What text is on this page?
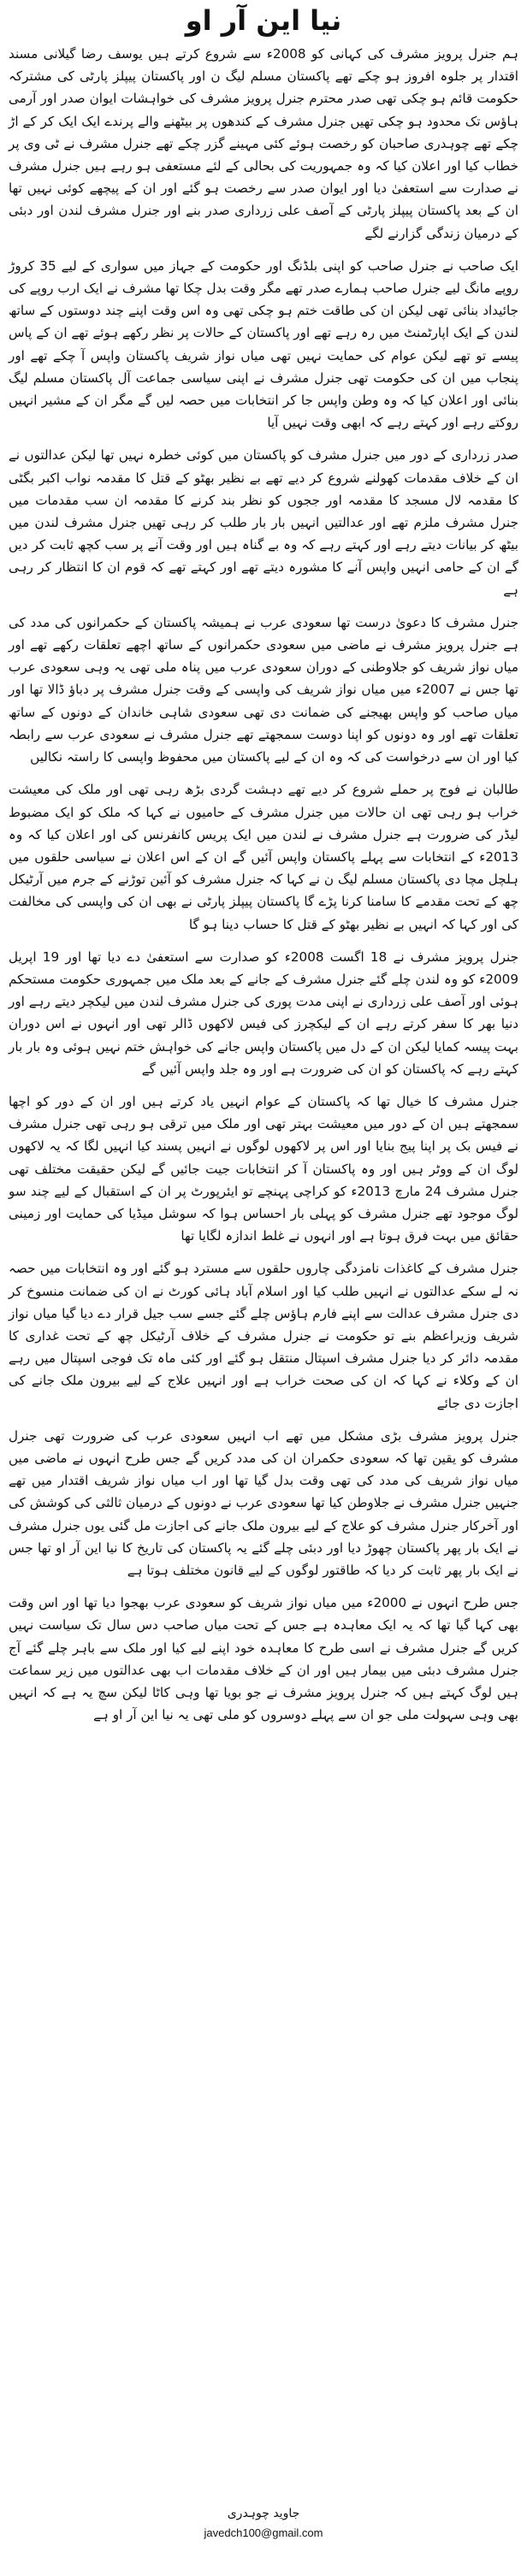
نیا این آر او

ہم جنرل پرویز مشرف کی کہانی کو 2008ء سے شروع کرتے ہیں یوسف رضا گیلانی مسند اقتدار پر جلوہ افروز ہو چکے تھے پاکستان مسلم لیگ ن اور پاکستان پیپلز پارٹی کی مشترکہ حکومت قائم ہو چکی تھی صدر محترم جنرل پرویز مشرف کی خواہشات ایوان صدر اور آرمی ہاؤس تک محدود ہو چکی تھیں جنرل مشرف کے کندھوں پر بیٹھنے والے پرندے ایک ایک کر کے اڑ چکے تھے چوہدری صاحبان کو رخصت ہوئے کئی مہینے گزر چکے تھے جنرل مشرف نے ٹی وی پر خطاب کیا اور اعلان کیا کہ وہ جمہوریت کی بحالی کے لئے مستعفی ہو رہے ہیں جنرل مشرف نے صدارت سے استعفیٰ دیا اور ایوان صدر سے رخصت ہو گئے اور ان کے پیچھے کوئی نہیں تھا ان کے بعد پاکستان پیپلز پارٹی کے آصف علی زرداری صدر بنے اور جنرل مشرف لندن اور دبئی کے درمیان زندگی گزارنے لگے

ایک صاحب نے جنرل صاحب کو اپنی بلڈنگ اور حکومت کے جہاز میں سواری کے لیے 35 کروڑ روپے مانگ لیے جنرل صاحب ہمارے صدر تھے مگر وقت بدل چکا تھا مشرف نے ایک ارب روپے کی جائیداد بنائی تھی لیکن ان کی طاقت ختم ہو چکی تھی وہ اس وقت اپنے چند دوستوں کے ساتھ لندن کے ایک اپارٹمنٹ میں رہ رہے تھے اور پاکستان کے حالات پر نظر رکھے ہوئے تھے ان کے پاس پیسے تو تھے لیکن عوام کی حمایت نہیں تھی میاں نواز شریف پاکستان واپس آ چکے تھے اور پنجاب میں ان کی حکومت تھی جنرل مشرف نے اپنی سیاسی جماعت آل پاکستان مسلم لیگ بنائی اور اعلان کیا کہ وہ وطن واپس جا کر انتخابات میں حصہ لیں گے مگر ان کے مشیر انہیں روکتے رہے اور کہتے رہے کہ ابھی وقت نہیں آیا

صدر زرداری کے دور میں جنرل مشرف کو پاکستان میں کوئی خطرہ نہیں تھا لیکن عدالتوں نے ان کے خلاف مقدمات کھولنے شروع کر دیے تھے بے نظیر بھٹو کے قتل کا مقدمہ نواب اکبر بگٹی کا مقدمہ لال مسجد کا مقدمہ اور ججوں کو نظر بند کرنے کا مقدمہ ان سب مقدمات میں جنرل مشرف ملزم تھے اور عدالتیں انہیں بار بار طلب کر رہی تھیں جنرل مشرف لندن میں بیٹھ کر بیانات دیتے رہے اور کہتے رہے کہ وہ بے گناہ ہیں اور وقت آنے پر سب کچھ ثابت کر دیں گے ان کے حامی انہیں واپس آنے کا مشورہ دیتے تھے اور کہتے تھے کہ قوم ان کا انتظار کر رہی ہے

جنرل مشرف کا دعویٰ درست تھا سعودی عرب نے ہمیشہ پاکستان کے حکمرانوں کی مدد کی ہے جنرل پرویز مشرف نے ماضی میں سعودی حکمرانوں کے ساتھ اچھے تعلقات رکھے تھے اور میاں نواز شریف کو جلاوطنی کے دوران سعودی عرب میں پناہ ملی تھی یہ وہی سعودی عرب تھا جس نے 2007ء میں میاں نواز شریف کی واپسی کے وقت جنرل مشرف پر دباؤ ڈالا تھا اور میاں صاحب کو واپس بھیجنے کی ضمانت دی تھی سعودی شاہی خاندان کے دونوں کے ساتھ تعلقات تھے اور وہ دونوں کو اپنا دوست سمجھتے تھے جنرل مشرف نے سعودی عرب سے رابطہ کیا اور ان سے درخواست کی کہ وہ ان کے لیے پاکستان میں محفوظ واپسی کا راستہ نکالیں

طالبان نے فوج پر حملے شروع کر دیے تھے دہشت گردی بڑھ رہی تھی اور ملک کی معیشت خراب ہو رہی تھی ان حالات میں جنرل مشرف کے حامیوں نے کہا کہ ملک کو ایک مضبوط لیڈر کی ضرورت ہے جنرل مشرف نے لندن میں ایک پریس کانفرنس کی اور اعلان کیا کہ وہ 2013ء کے انتخابات سے پہلے پاکستان واپس آئیں گے ان کے اس اعلان نے سیاسی حلقوں میں ہلچل مچا دی پاکستان مسلم لیگ ن نے کہا کہ جنرل مشرف کو آئین توڑنے کے جرم میں آرٹیکل چھ کے تحت مقدمے کا سامنا کرنا پڑے گا پاکستان پیپلز پارٹی نے بھی ان کی واپسی کی مخالفت کی اور کہا کہ انہیں بے نظیر بھٹو کے قتل کا حساب دینا ہو گا

جنرل پرویز مشرف نے 18 اگست 2008ء کو صدارت سے استعفیٰ دے دیا تھا اور 19 اپریل 2009ء کو وہ لندن چلے گئے جنرل مشرف کے جانے کے بعد ملک میں جمہوری حکومت مستحکم ہوئی اور آصف علی زرداری نے اپنی مدت پوری کی جنرل مشرف لندن میں لیکچر دیتے رہے اور دنیا بھر کا سفر کرتے رہے ان کے لیکچرز کی فیس لاکھوں ڈالر تھی اور انہوں نے اس دوران بہت پیسہ کمایا لیکن ان کے دل میں پاکستان واپس جانے کی خواہش ختم نہیں ہوئی وہ بار بار کہتے رہے کہ پاکستان کو ان کی ضرورت ہے اور وہ جلد واپس آئیں گے

جنرل مشرف کا خیال تھا کہ پاکستان کے عوام انہیں یاد کرتے ہیں اور ان کے دور کو اچھا سمجھتے ہیں ان کے دور میں معیشت بہتر تھی اور ملک میں ترقی ہو رہی تھی جنرل مشرف نے فیس بک پر اپنا پیج بنایا اور اس پر لاکھوں لوگوں نے انہیں پسند کیا انہیں لگا کہ یہ لاکھوں لوگ ان کے ووٹر ہیں اور وہ پاکستان آ کر انتخابات جیت جائیں گے لیکن حقیقت مختلف تھی جنرل مشرف 24 مارچ 2013ء کو کراچی پہنچے تو ایئرپورٹ پر ان کے استقبال کے لیے چند سو لوگ موجود تھے جنرل مشرف کو پہلی بار احساس ہوا کہ سوشل میڈیا کی حمایت اور زمینی حقائق میں بہت فرق ہوتا ہے اور انہوں نے غلط اندازہ لگایا تھا

جنرل مشرف کے کاغذات نامزدگی چاروں حلقوں سے مسترد ہو گئے اور وہ انتخابات میں حصہ نہ لے سکے عدالتوں نے انہیں طلب کیا اور اسلام آباد ہائی کورٹ نے ان کی ضمانت منسوخ کر دی جنرل مشرف عدالت سے اپنے فارم ہاؤس چلے گئے جسے سب جیل قرار دے دیا گیا میاں نواز شریف وزیراعظم بنے تو حکومت نے جنرل مشرف کے خلاف آرٹیکل چھ کے تحت غداری کا مقدمہ دائر کر دیا جنرل مشرف اسپتال منتقل ہو گئے اور کئی ماہ تک فوجی اسپتال میں رہے ان کے وکلاء نے کہا کہ ان کی صحت خراب ہے اور انہیں علاج کے لیے بیرون ملک جانے کی اجازت دی جائے

جنرل پرویز مشرف بڑی مشکل میں تھے اب انہیں سعودی عرب کی ضرورت تھی جنرل مشرف کو یقین تھا کہ سعودی حکمران ان کی مدد کریں گے جس طرح انہوں نے ماضی میں میاں نواز شریف کی مدد کی تھی وقت بدل گیا تھا اور اب میاں نواز شریف اقتدار میں تھے جنہیں جنرل مشرف نے جلاوطن کیا تھا سعودی عرب نے دونوں کے درمیان ثالثی کی کوشش کی اور آخرکار جنرل مشرف کو علاج کے لیے بیرون ملک جانے کی اجازت مل گئی یوں جنرل مشرف نے ایک بار پھر پاکستان چھوڑ دیا اور دبئی چلے گئے یہ پاکستان کی تاریخ کا نیا این آر او تھا جس نے ایک بار پھر ثابت کر دیا کہ طاقتور لوگوں کے لیے قانون مختلف ہوتا ہے

جس طرح انہوں نے 2000ء میں میاں نواز شریف کو سعودی عرب بھجوا دیا تھا اور اس وقت بھی کہا گیا تھا کہ یہ ایک معاہدہ ہے جس کے تحت میاں صاحب دس سال تک سیاست نہیں کریں گے جنرل مشرف نے اسی طرح کا معاہدہ خود اپنے لیے کیا اور ملک سے باہر چلے گئے آج جنرل مشرف دبئی میں بیمار ہیں اور ان کے خلاف مقدمات اب بھی عدالتوں میں زیر سماعت ہیں لوگ کہتے ہیں کہ جنرل پرویز مشرف نے جو بویا تھا وہی کاٹا لیکن سچ یہ ہے کہ انہیں بھی وہی سہولت ملی جو ان سے پہلے دوسروں کو ملی تھی یہ نیا این آر او ہے

جاوید چوہدری
javedch100@gmail.com
